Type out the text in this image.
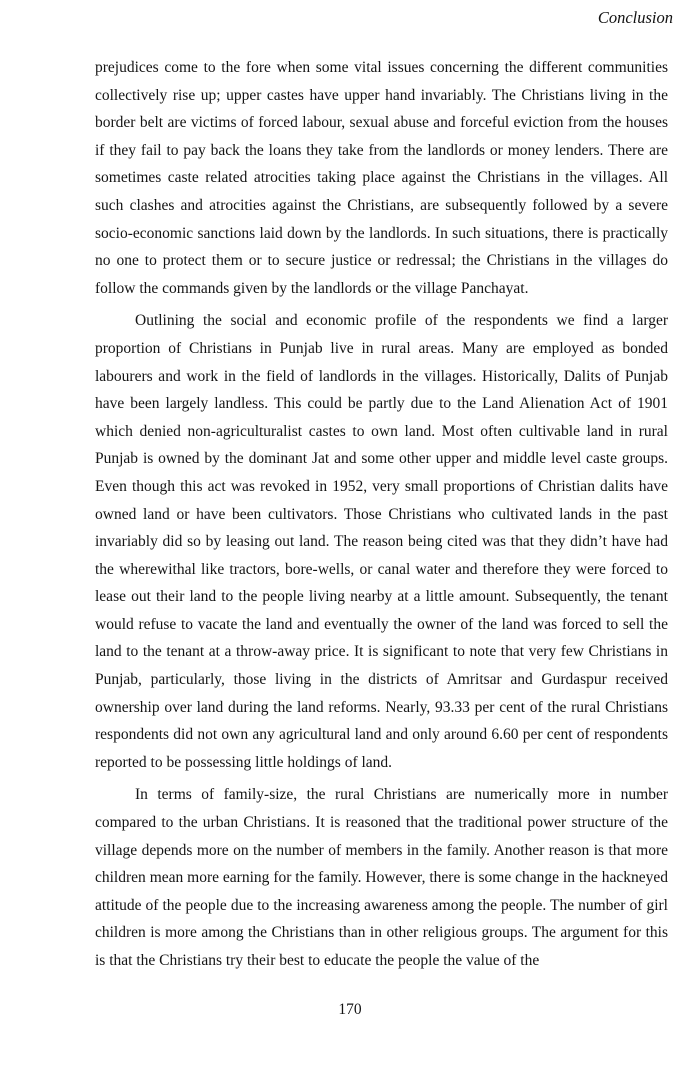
Conclusion

prejudices come to the fore when some vital issues concerning the different communities collectively rise up; upper castes have upper hand invariably. The Christians living in the border belt are victims of forced labour, sexual abuse and forceful eviction from the houses if they fail to pay back the loans they take from the landlords or money lenders. There are sometimes caste related atrocities taking place against the Christians in the villages. All such clashes and atrocities against the Christians, are subsequently followed by a severe socio-economic sanctions laid down by the landlords. In such situations, there is practically no one to protect them or to secure justice or redressal; the Christians in the villages do follow the commands given by the landlords or the village Panchayat.

Outlining the social and economic profile of the respondents we find a larger proportion of Christians in Punjab live in rural areas. Many are employed as bonded labourers and work in the field of landlords in the villages. Historically, Dalits of Punjab have been largely landless. This could be partly due to the Land Alienation Act of 1901 which denied non-agriculturalist castes to own land. Most often cultivable land in rural Punjab is owned by the dominant Jat and some other upper and middle level caste groups. Even though this act was revoked in 1952, very small proportions of Christian dalits have owned land or have been cultivators. Those Christians who cultivated lands in the past invariably did so by leasing out land. The reason being cited was that they didn’t have had the wherewithal like tractors, bore-wells, or canal water and therefore they were forced to lease out their land to the people living nearby at a little amount. Subsequently, the tenant would refuse to vacate the land and eventually the owner of the land was forced to sell the land to the tenant at a throw-away price. It is significant to note that very few Christians in Punjab, particularly, those living in the districts of Amritsar and Gurdaspur received ownership over land during the land reforms. Nearly, 93.33 per cent of the rural Christians respondents did not own any agricultural land and only around 6.60 per cent of respondents reported to be possessing little holdings of land.

In terms of family-size, the rural Christians are numerically more in number compared to the urban Christians. It is reasoned that the traditional power structure of the village depends more on the number of members in the family. Another reason is that more children mean more earning for the family. However, there is some change in the hackneyed attitude of the people due to the increasing awareness among the people. The number of girl children is more among the Christians than in other religious groups. The argument for this is that the Christians try their best to educate the people the value of the

170
